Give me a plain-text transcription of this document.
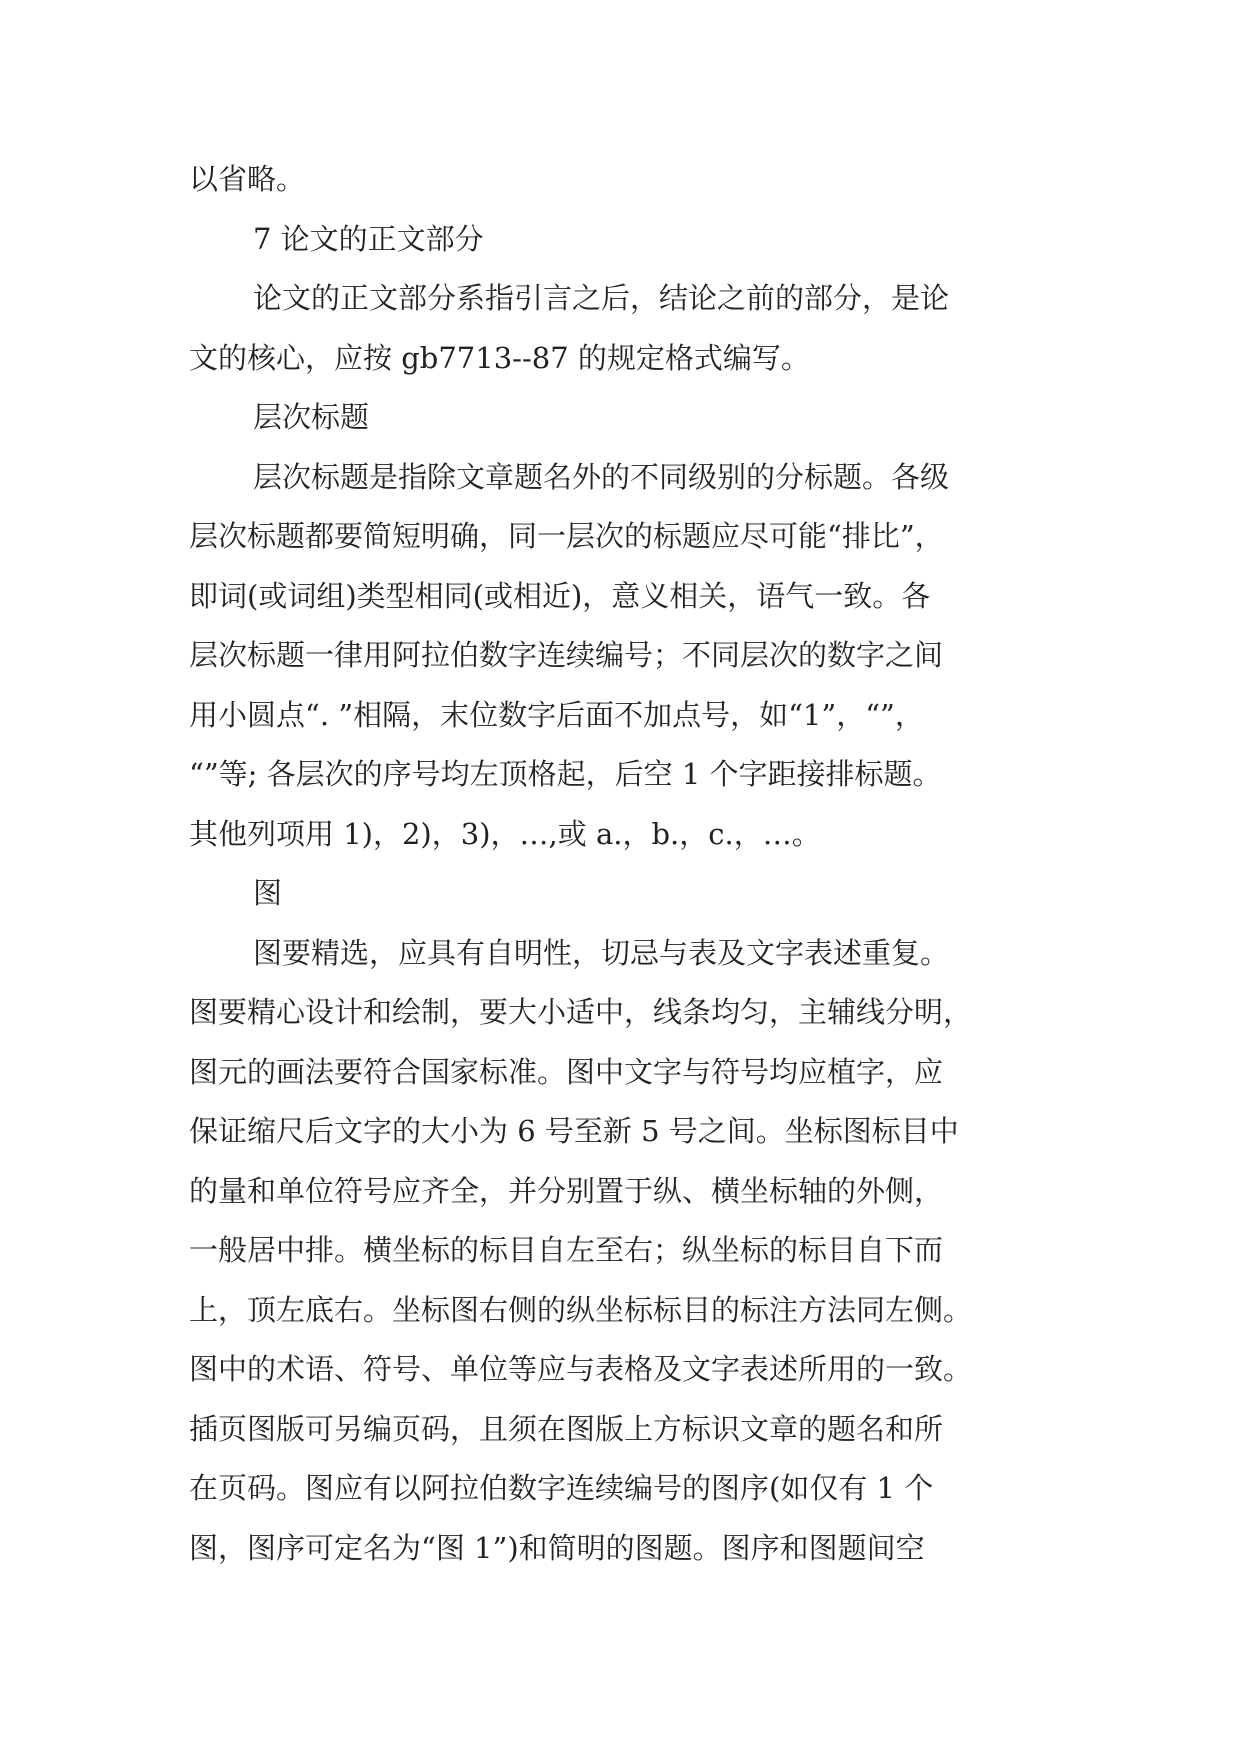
以省略。
7 论文的正文部分
论文的正文部分系指引言之后，结论之前的部分，是论
文的核心，应按 gb7713--87 的规定格式编写。
层次标题
层次标题是指除文章题名外的不同级别的分标题。各级
层次标题都要简短明确，同一层次的标题应尽可能“排比”，
即词(或词组)类型相同(或相近)，意义相关，语气一致。各
层次标题一律用阿拉伯数字连续编号；不同层次的数字之间
用小圆点“. ”相隔，末位数字后面不加点号，如“1”，“”，
“”等; 各层次的序号均左顶格起，后空 1 个字距接排标题。
其他列项用 1)，2)，3)，…,或 a.，b.，c.，…。
图
图要精选，应具有自明性，切忌与表及文字表述重复。
图要精心设计和绘制，要大小适中，线条均匀，主辅线分明，
图元的画法要符合国家标准。图中文字与符号均应植字，应
保证缩尺后文字的大小为 6 号至新 5 号之间。坐标图标目中
的量和单位符号应齐全，并分别置于纵、横坐标轴的外侧，
一般居中排。横坐标的标目自左至右；纵坐标的标目自下而
上，顶左底右。坐标图右侧的纵坐标标目的标注方法同左侧。
图中的术语、符号、单位等应与表格及文字表述所用的一致。
插页图版可另编页码，且须在图版上方标识文章的题名和所
在页码。图应有以阿拉伯数字连续编号的图序(如仅有 1 个
图，图序可定名为“图 1”)和简明的图题。图序和图题间空
